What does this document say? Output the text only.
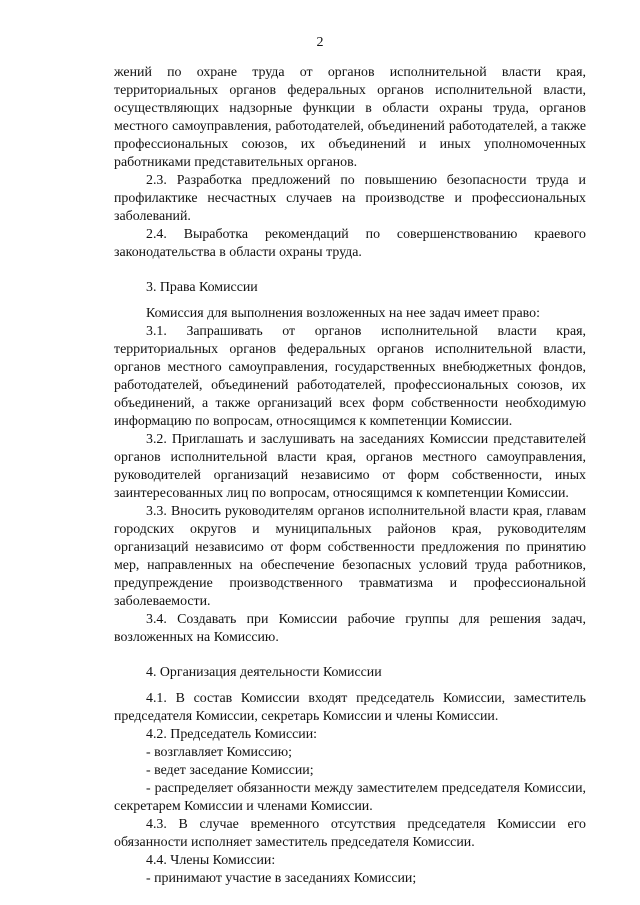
2

жений по охране труда от органов исполнительной власти края, территориальных органов федеральных органов исполнительной власти, осуществляющих надзорные функции в области охраны труда, органов местного самоуправления, работодателей, объединений работодателей, а также профессиональных союзов, их объединений и иных уполномоченных работниками представительных органов.

2.3. Разработка предложений по повышению безопасности труда и профилактике несчастных случаев на производстве и профессиональных заболеваний.

2.4. Выработка рекомендаций по совершенствованию краевого законодательства в области охраны труда.

3. Права Комиссии

Комиссия для выполнения возложенных на нее задач имеет право:

3.1. Запрашивать от органов исполнительной власти края, территориальных органов федеральных органов исполнительной власти, органов местного самоуправления, государственных внебюджетных фондов, работодателей, объединений работодателей, профессиональных союзов, их объединений, а также организаций всех форм собственности необходимую информацию по вопросам, относящимся к компетенции Комиссии.

3.2. Приглашать и заслушивать на заседаниях Комиссии представителей органов исполнительной власти края, органов местного самоуправления, руководителей организаций независимо от форм собственности, иных заинтересованных лиц по вопросам, относящимся к компетенции Комиссии.

3.3. Вносить руководителям органов исполнительной власти края, главам городских округов и муниципальных районов края, руководителям организаций независимо от форм собственности предложения по принятию мер, направленных на обеспечение безопасных условий труда работников, предупреждение производственного травматизма и профессиональной заболеваемости.

3.4. Создавать при Комиссии рабочие группы для решения задач, возложенных на Комиссию.

4. Организация деятельности Комиссии

4.1. В состав Комиссии входят председатель Комиссии, заместитель председателя Комиссии, секретарь Комиссии и члены Комиссии.

4.2. Председатель Комиссии:

- возглавляет Комиссию;

- ведет заседание Комиссии;

- распределяет обязанности между заместителем председателя Комиссии, секретарем Комиссии и членами Комиссии.

4.3. В случае временного отсутствия председателя Комиссии его обязанности исполняет заместитель председателя Комиссии.

4.4. Члены Комиссии:

- принимают участие в заседаниях Комиссии;
